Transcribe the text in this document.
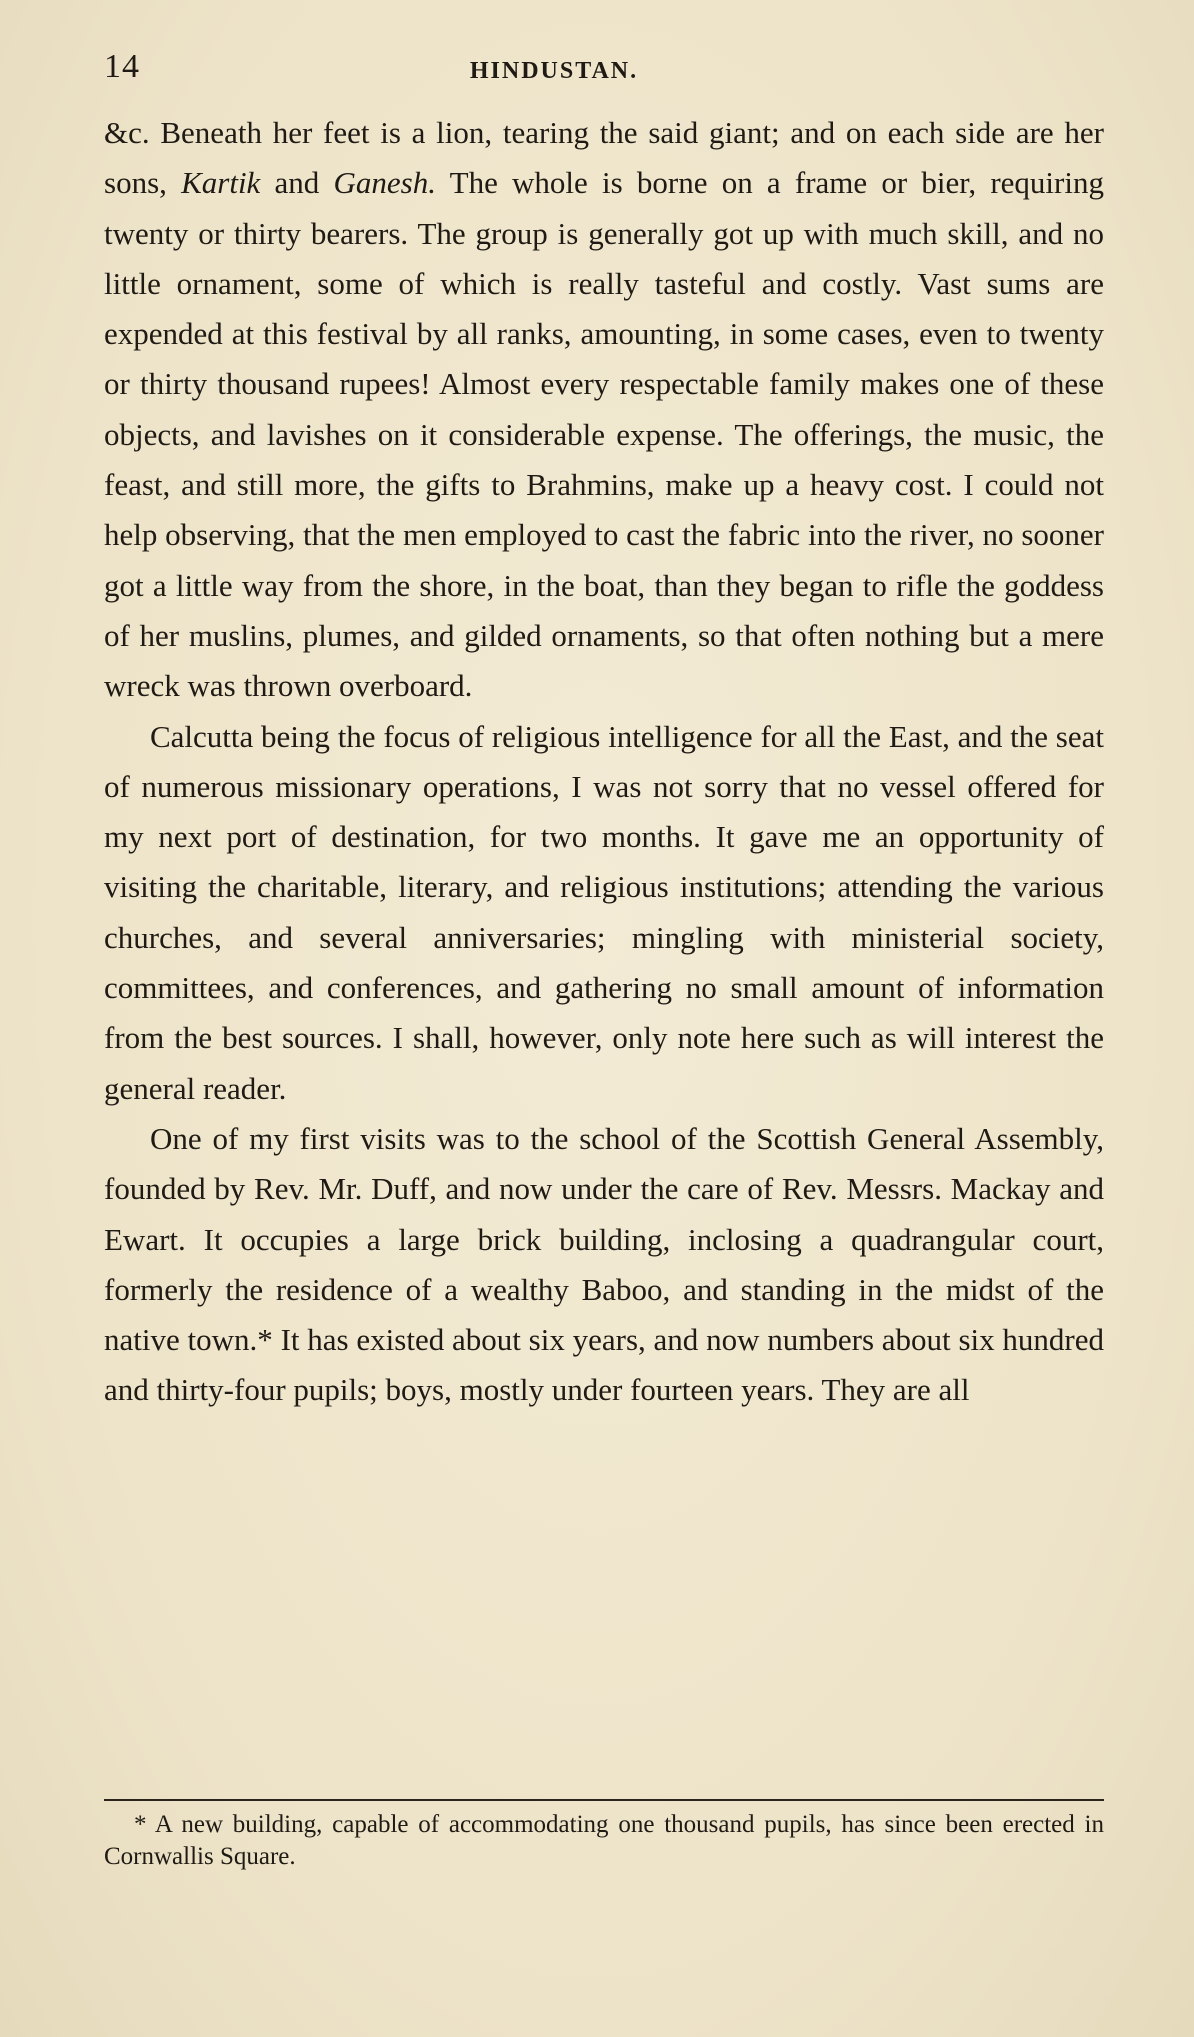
14	HINDUSTAN.

&c. Beneath her feet is a lion, tearing the said giant; and on each side are her sons, Kartik and Ganesh. The whole is borne on a frame or bier, requiring twenty or thirty bearers. The group is generally got up with much skill, and no little ornament, some of which is really tasteful and costly. Vast sums are expended at this festival by all ranks, amounting, in some cases, even to twenty or thirty thousand rupees! Almost every respectable family makes one of these objects, and lavishes on it considerable expense. The offerings, the music, the feast, and still more, the gifts to Brahmins, make up a heavy cost. I could not help observing, that the men employed to cast the fabric into the river, no sooner got a little way from the shore, in the boat, than they began to rifle the goddess of her muslins, plumes, and gilded ornaments, so that often nothing but a mere wreck was thrown overboard.

Calcutta being the focus of religious intelligence for all the East, and the seat of numerous missionary operations, I was not sorry that no vessel offered for my next port of destination, for two months. It gave me an opportunity of visiting the charitable, literary, and religious institutions; attending the various churches, and several anniversaries; mingling with ministerial society, committees, and conferences, and gathering no small amount of information from the best sources. I shall, however, only note here such as will interest the general reader.

One of my first visits was to the school of the Scottish General Assembly, founded by Rev. Mr. Duff, and now under the care of Rev. Messrs. Mackay and Ewart. It occupies a large brick building, inclosing a quadrangular court, formerly the residence of a wealthy Baboo, and standing in the midst of the native town.* It has existed about six years, and now numbers about six hundred and thirty-four pupils; boys, mostly under fourteen years. They are all

* A new building, capable of accommodating one thousand pupils, has since been erected in Cornwallis Square.
